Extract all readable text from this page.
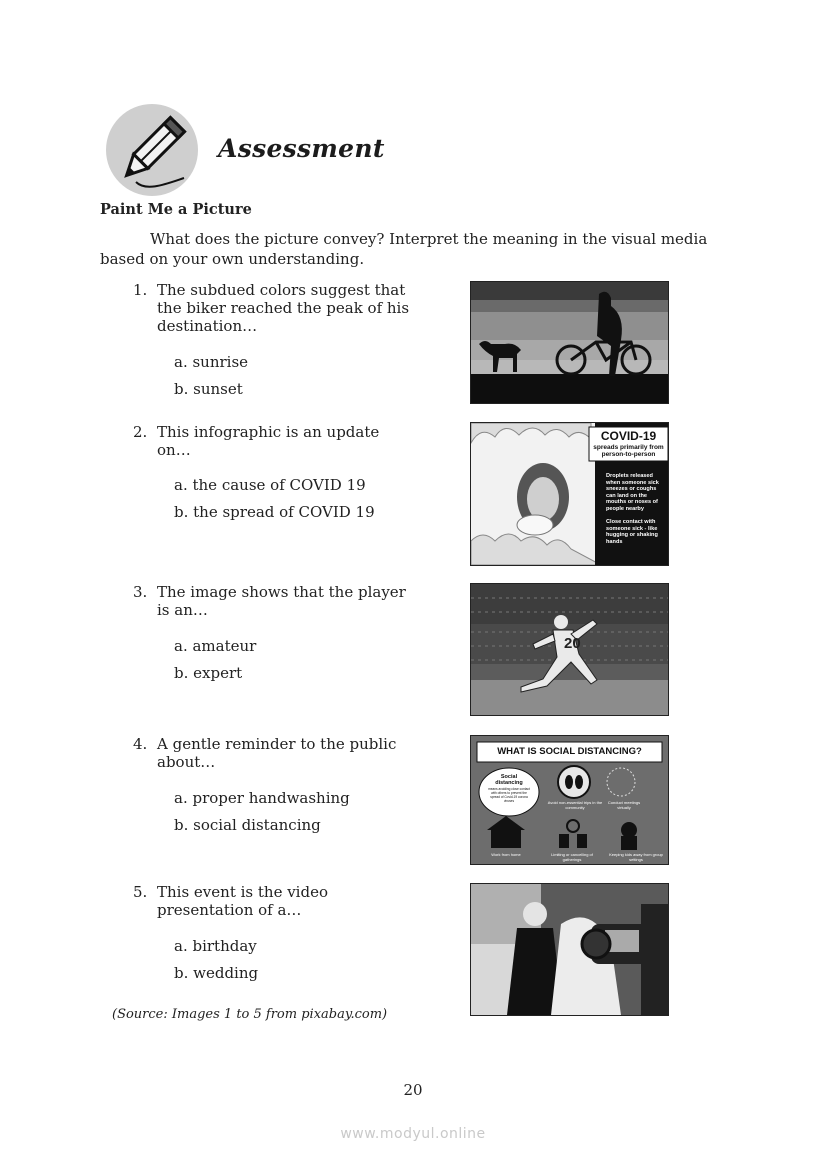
Assessment
Paint Me a Picture
What does the picture convey? Interpret the meaning in the visual media based on your own understanding.
1. The subdued colors suggest that the biker reached the peak of his destination…
a. sunrise
b. sunset
2. This infographic is an update on…
a. the cause of COVID 19
b. the spread of COVID 19
COVID-19
spreads primarily from person-to-person
Droplets released when someone sick sneezes or coughs can land on the mouths or noses of people nearby
Close contact with someone sick - like hugging or shaking hands
3. The image shows that the player is an…
a. amateur
b. expert
20
4. A gentle reminder to the public about…
a. proper handwashing
b. social distancing
WHAT IS SOCIAL DISTANCING?
Social distancing
means avoiding close contact with others to prevent the spread of Covid-19 corona viruses	Avoid non-essential trips in the community
Conduct meetings virtually
Work from home	Limiting or cancelling of gatherings
Keeping kids away from group settings
5. This event is the video presentation of a…
a. birthday
b. wedding
(Source: Images 1 to 5 from pixabay.com)
20
www.modyul.online
